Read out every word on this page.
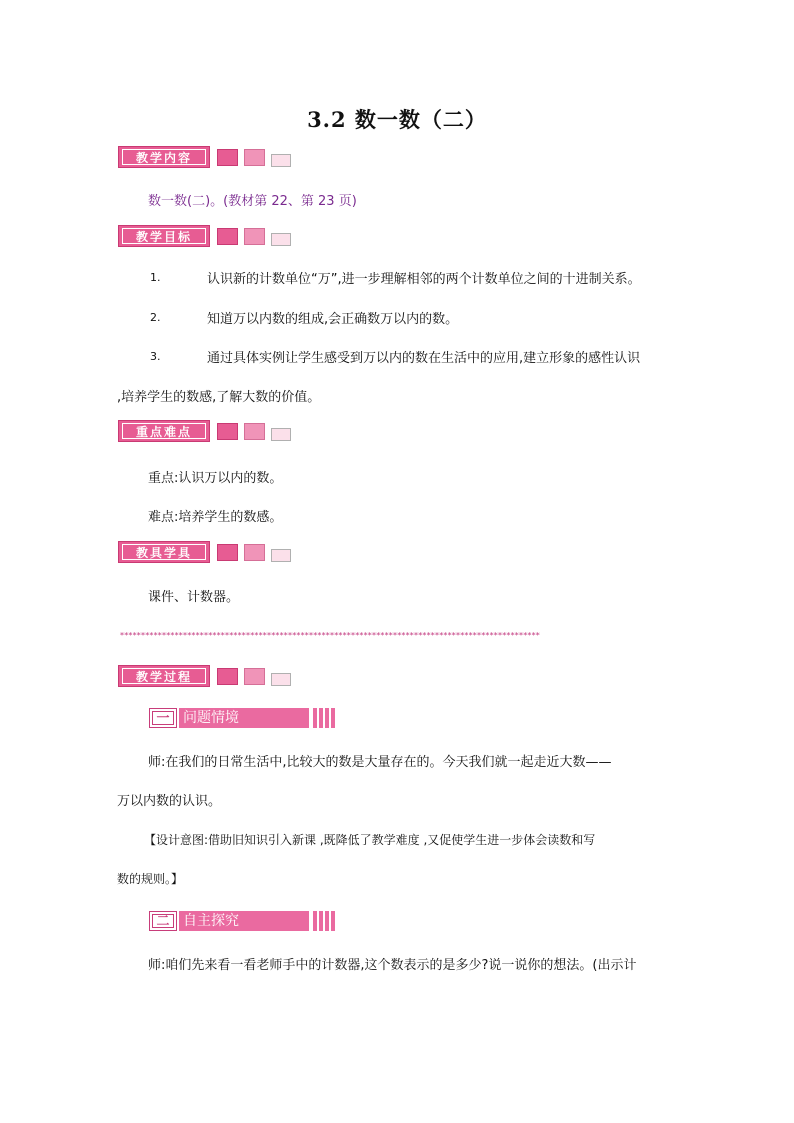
3.2 数一数（二）
教学内容
数一数(二)。(教材第 22、第 23 页)
教学目标
1.	认识新的计数单位“万”,进一步理解相邻的两个计数单位之间的十进制关系。
2.	知道万以内数的组成,会正确数万以内的数。
3.	通过具体实例让学生感受到万以内的数在生活中的应用,建立形象的感性认识
,培养学生的数感,了解大数的价值。
重点难点
重点:认识万以内的数。
难点:培养学生的数感。
教具学具
课件、计数器。
****************************************************************************************************
教学过程
一 问题情境
师:在我们的日常生活中,比较大的数是大量存在的。今天我们就一起走近大数——
万以内数的认识。
【设计意图:借助旧知识引入新课 ,既降低了教学难度 ,又促使学生进一步体会读数和写
数的规则。】
二 自主探究
师:咱们先来看一看老师手中的计数器,这个数表示的是多少?说一说你的想法。(出示计
